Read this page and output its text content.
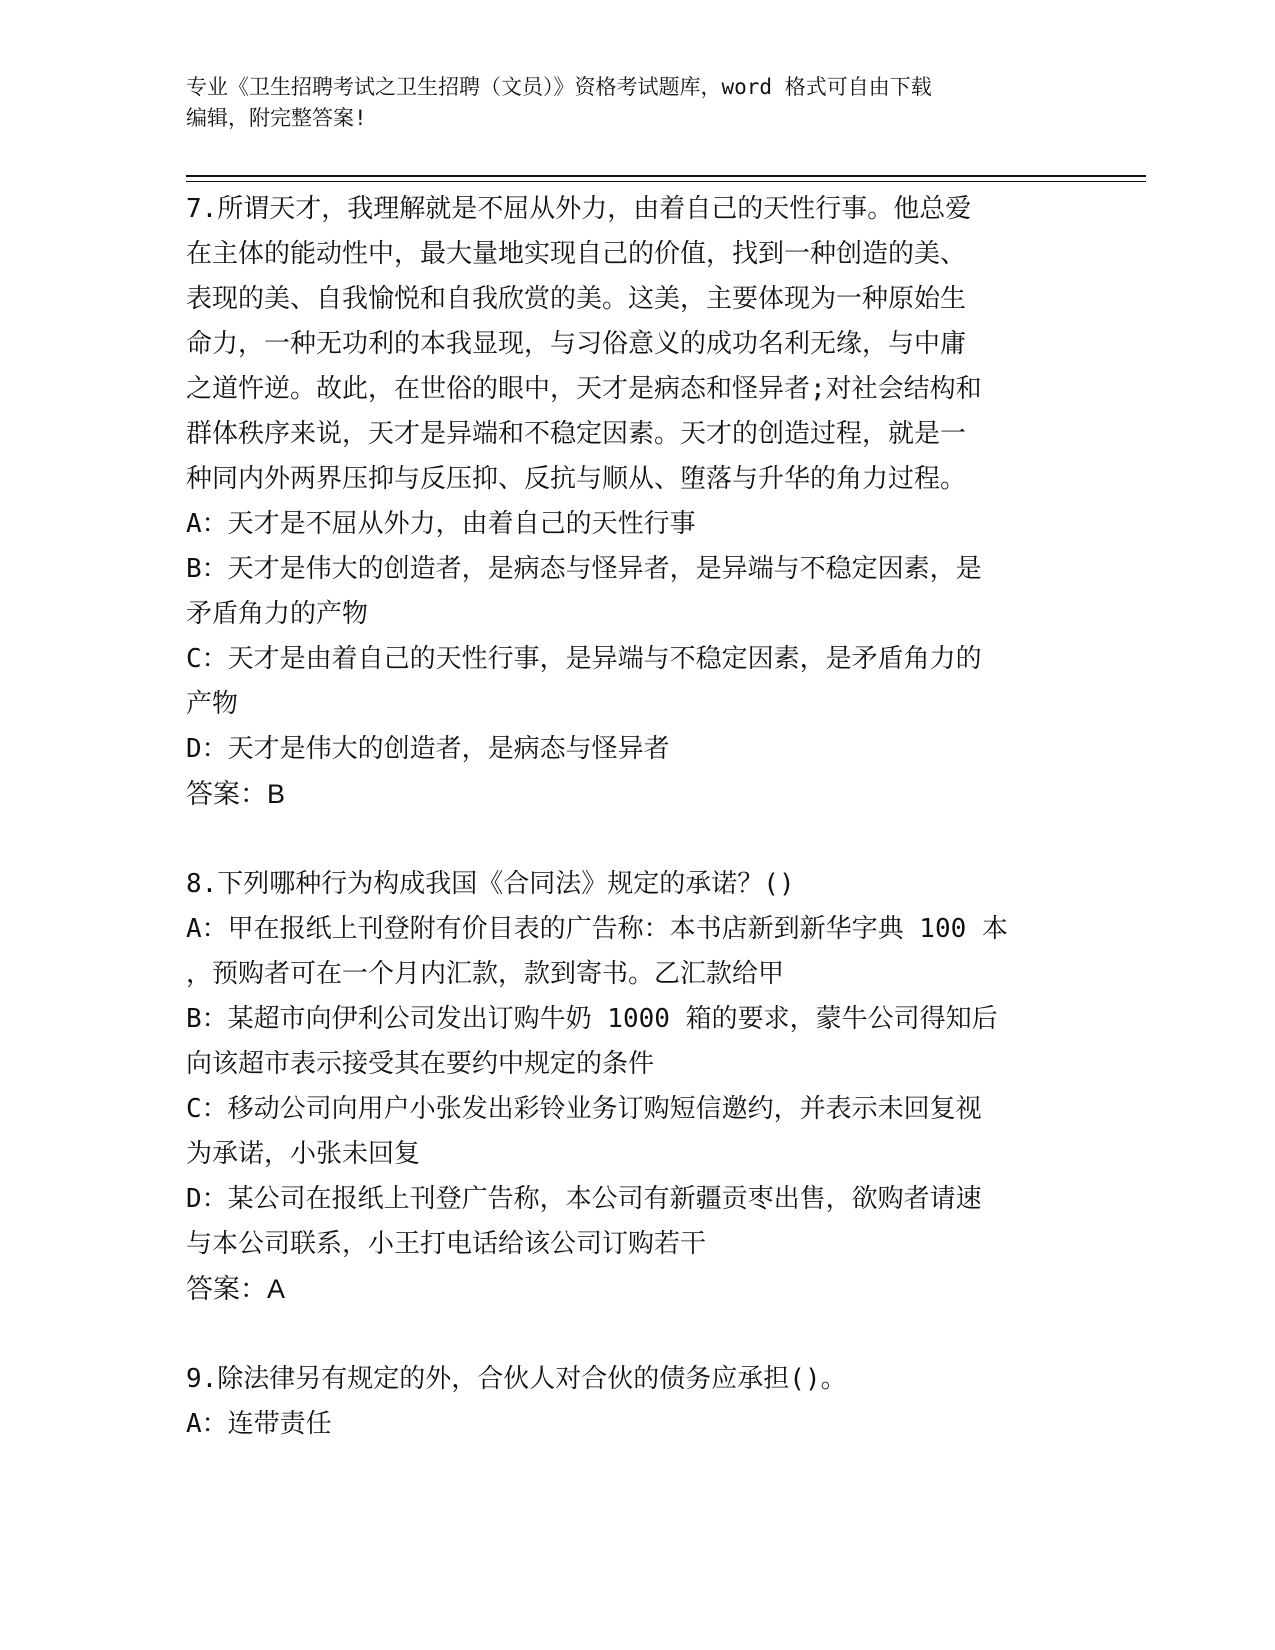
专业《卫生招聘考试之卫生招聘（文员）》资格考试题库，word 格式可自由下载
编辑，附完整答案!
7.所谓天才，我理解就是不屈从外力，由着自己的天性行事。他总爱
在主体的能动性中，最大量地实现自己的价值，找到一种创造的美、
表现的美、自我愉悦和自我欣赏的美。这美，主要体现为一种原始生
命力，一种无功利的本我显现，与习俗意义的成功名利无缘，与中庸
之道忤逆。故此，在世俗的眼中，天才是病态和怪异者;对社会结构和
群体秩序来说，天才是异端和不稳定因素。天才的创造过程，就是一
种同内外两界压抑与反压抑、反抗与顺从、堕落与升华的角力过程。
A：天才是不屈从外力，由着自己的天性行事
B：天才是伟大的创造者，是病态与怪异者，是异端与不稳定因素，是
矛盾角力的产物
C：天才是由着自己的天性行事，是异端与不稳定因素，是矛盾角力的
产物
D：天才是伟大的创造者，是病态与怪异者
答案：B
8.下列哪种行为构成我国《合同法》规定的承诺？()
A：甲在报纸上刊登附有价目表的广告称：本书店新到新华字典 100 本
，预购者可在一个月内汇款，款到寄书。乙汇款给甲
B：某超市向伊利公司发出订购牛奶 1000 箱的要求，蒙牛公司得知后
向该超市表示接受其在要约中规定的条件
C：移动公司向用户小张发出彩铃业务订购短信邀约，并表示未回复视
为承诺，小张未回复
D：某公司在报纸上刊登广告称，本公司有新疆贡枣出售，欲购者请速
与本公司联系，小王打电话给该公司订购若干
答案：A
9.除法律另有规定的外，合伙人对合伙的债务应承担()。
A：连带责任
